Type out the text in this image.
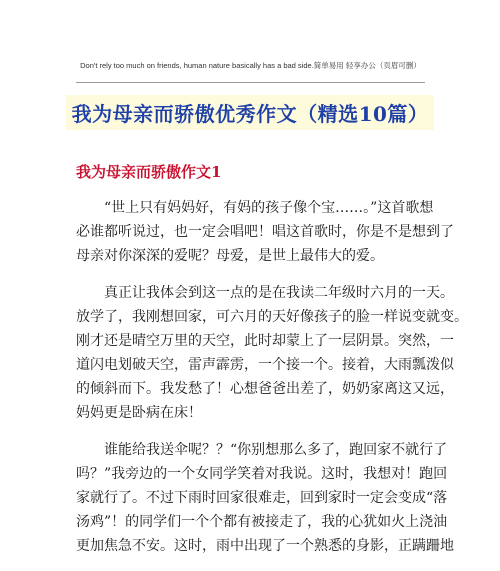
Don't rely too much on friends, human nature basically has a bad side.简单易用 轻享办公（页眉可删）
我为母亲而骄傲优秀作文（精选10篇）
我为母亲而骄傲作文1
“世上只有妈妈好，有妈的孩子像个宝……。”这首歌想
必谁都听说过，也一定会唱吧！唱这首歌时，你是不是想到了
母亲对你深深的爱呢？母爱，是世上最伟大的爱。
真正让我体会到这一点的是在我读二年级时六月的一天。
放学了，我刚想回家，可六月的天好像孩子的脸一样说变就变。
刚才还是晴空万里的天空，此时却蒙上了一层阴景。突然，一
道闪电划破天空，雷声霹雳，一个接一个。接着，大雨瓢泼似
的倾斜而下。我发愁了！心想爸爸出差了，奶奶家离这又远，
妈妈更是卧病在床！
谁能给我送伞呢？？“你别想那么多了，跑回家不就行了
吗？”我旁边的一个女同学笑着对我说。这时，我想对！跑回
家就行了。不过下雨时回家很难走，回到家时一定会变成“落
汤鸡”！的同学们一个个都有被接走了，我的心犹如火上浇油
更加焦急不安。这时，雨中出现了一个熟悉的身影，正蹒跚地
